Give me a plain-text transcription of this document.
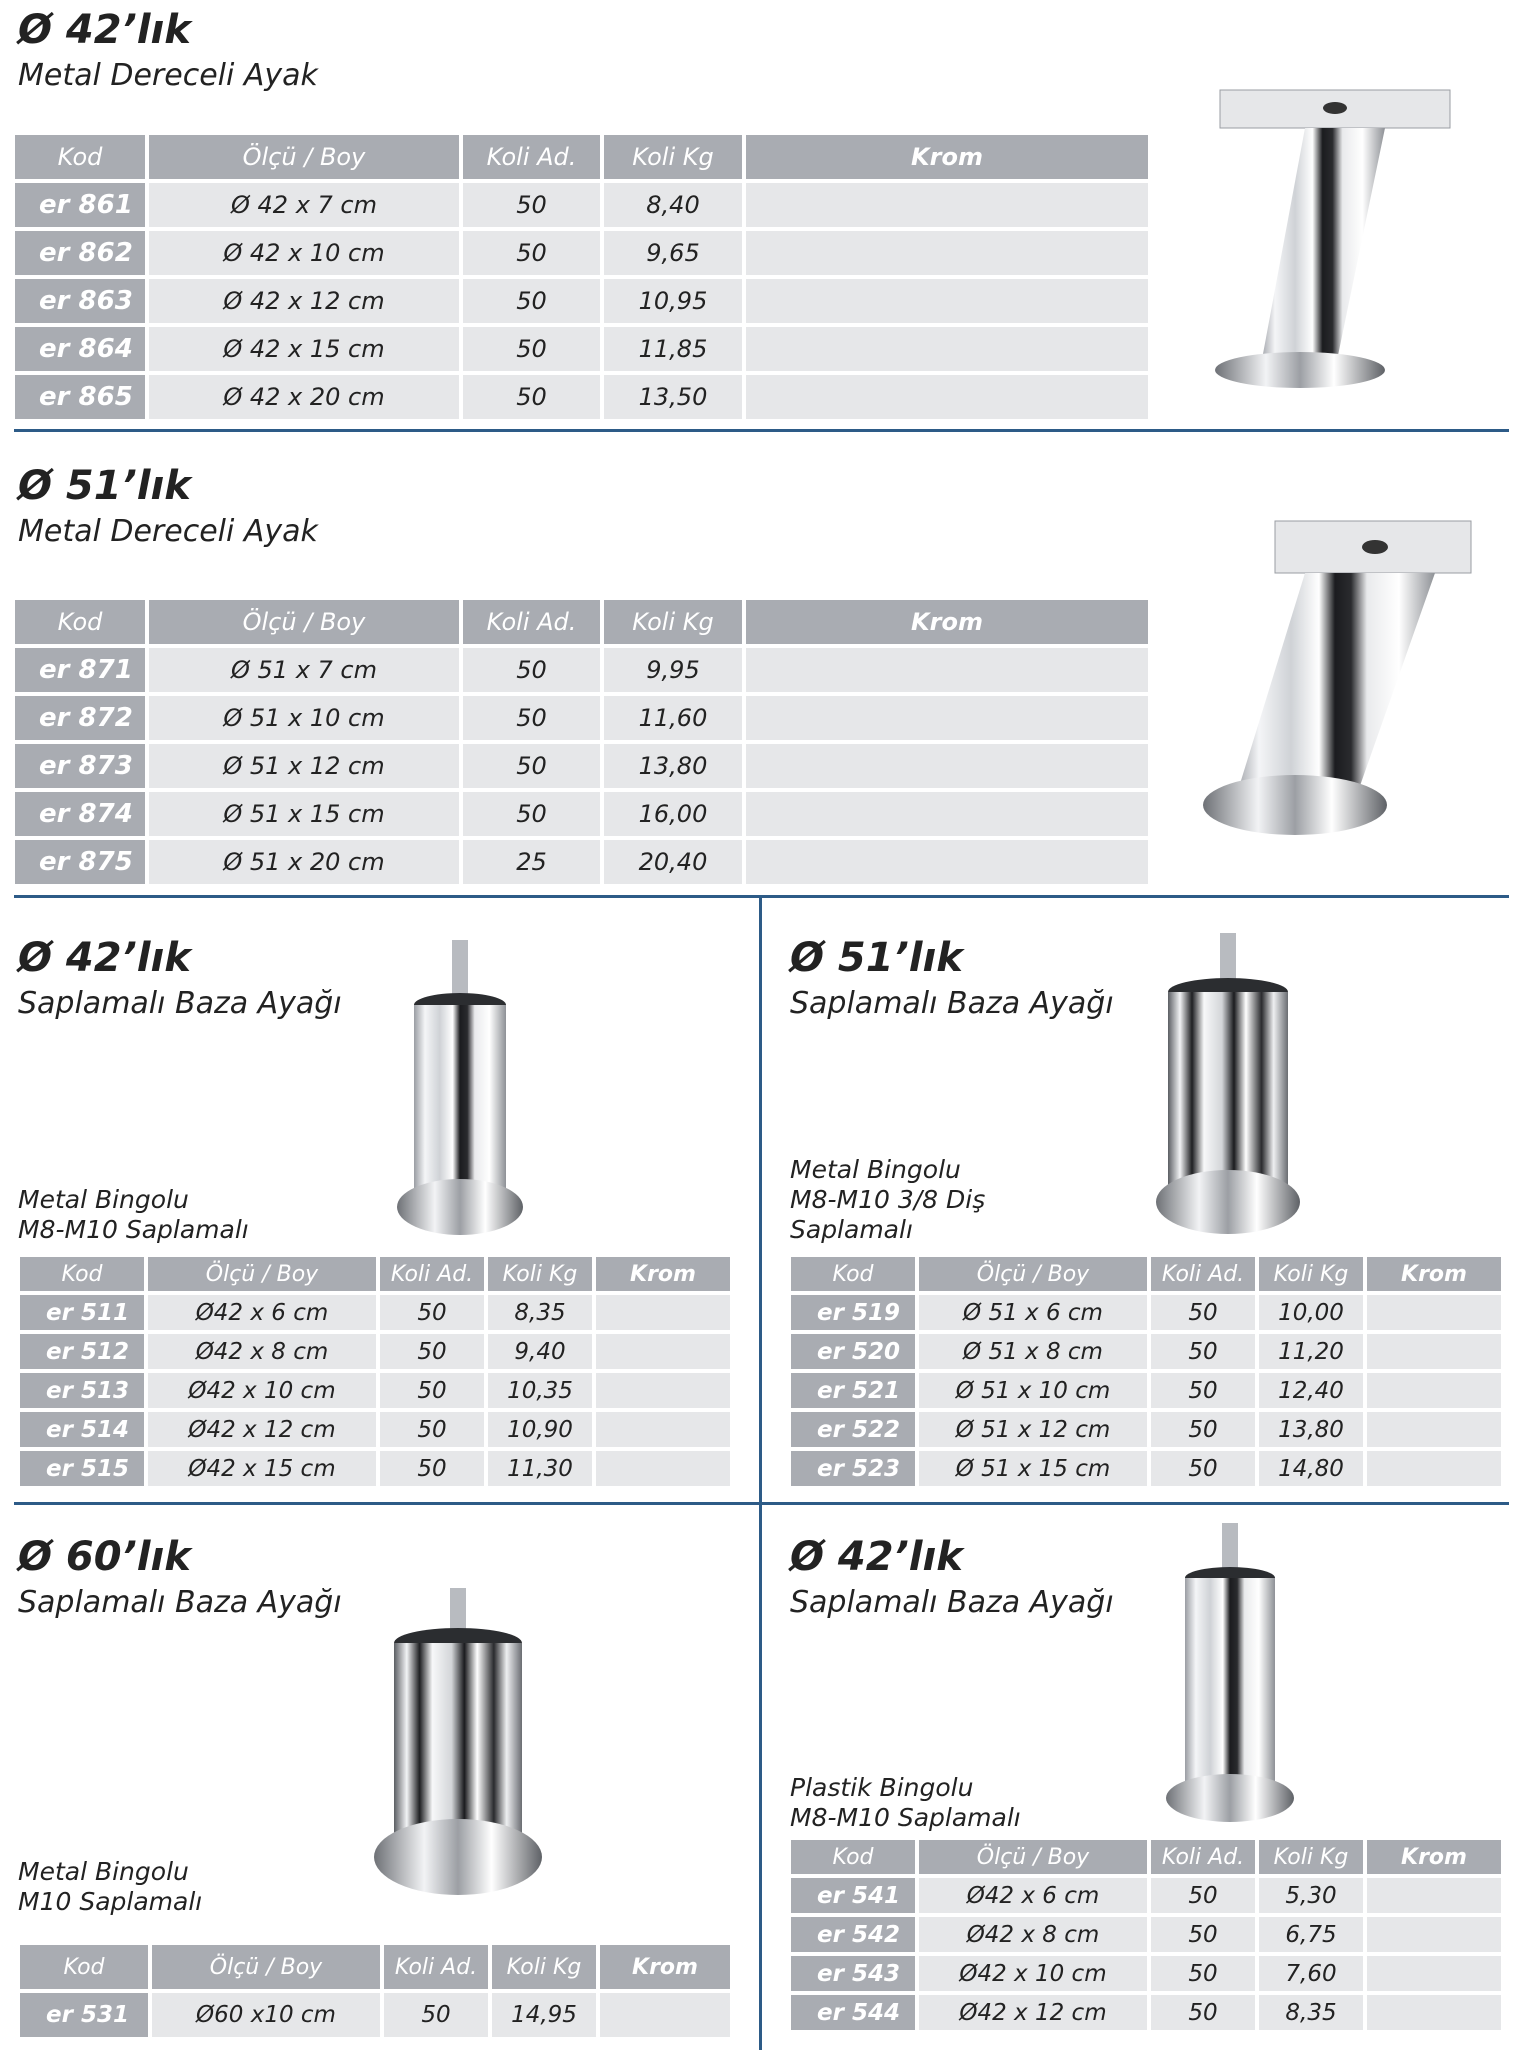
Ø 42’lık
Metal Dereceli Ayak
Kod	Ölçü / Boy	Koli Ad.	Koli Kg	Krom
er 861	Ø 42 x 7 cm	50	8,40	
er 862	Ø 42 x 10 cm	50	9,65	
er 863	Ø 42 x 12 cm	50	10,95	
er 864	Ø 42 x 15 cm	50	11,85	
er 865	Ø 42 x 20 cm	50	13,50	
Ø 51’lık
Metal Dereceli Ayak
Kod	Ölçü / Boy	Koli Ad.	Koli Kg	Krom
er 871	Ø 51 x 7 cm	50	9,95	
er 872	Ø 51 x 10 cm	50	11,60	
er 873	Ø 51 x 12 cm	50	13,80	
er 874	Ø 51 x 15 cm	50	16,00	
er 875	Ø 51 x 20 cm	25	20,40	
Ø 42’lık
Saplamalı Baza Ayağı
Metal Bingolu
M8-M10 Saplamalı
Kod	Ölçü / Boy	Koli Ad.	Koli Kg	Krom
er 511	Ø42 x 6 cm	50	8,35	
er 512	Ø42 x 8 cm	50	9,40	
er 513	Ø42 x 10 cm	50	10,35	
er 514	Ø42 x 12 cm	50	10,90	
er 515	Ø42 x 15 cm	50	11,30	
Ø 51’lık
Saplamalı Baza Ayağı
Metal Bingolu
M8-M10 3/8 Diş
Saplamalı
Kod	Ölçü / Boy	Koli Ad.	Koli Kg	Krom
er 519	Ø 51 x 6 cm	50	10,00	
er 520	Ø 51 x 8 cm	50	11,20	
er 521	Ø 51 x 10 cm	50	12,40	
er 522	Ø 51 x 12 cm	50	13,80	
er 523	Ø 51 x 15 cm	50	14,80	
Ø 60’lık
Saplamalı Baza Ayağı
Metal Bingolu
M10 Saplamalı
Kod	Ölçü / Boy	Koli Ad.	Koli Kg	Krom
er 531	Ø60 x10 cm	50	14,95	
Ø 42’lık
Saplamalı Baza Ayağı
Plastik Bingolu
M8-M10 Saplamalı
Kod	Ölçü / Boy	Koli Ad.	Koli Kg	Krom
er 541	Ø42 x 6 cm	50	5,30	
er 542	Ø42 x 8 cm	50	6,75	
er 543	Ø42 x 10 cm	50	7,60	
er 544	Ø42 x 12 cm	50	8,35	
